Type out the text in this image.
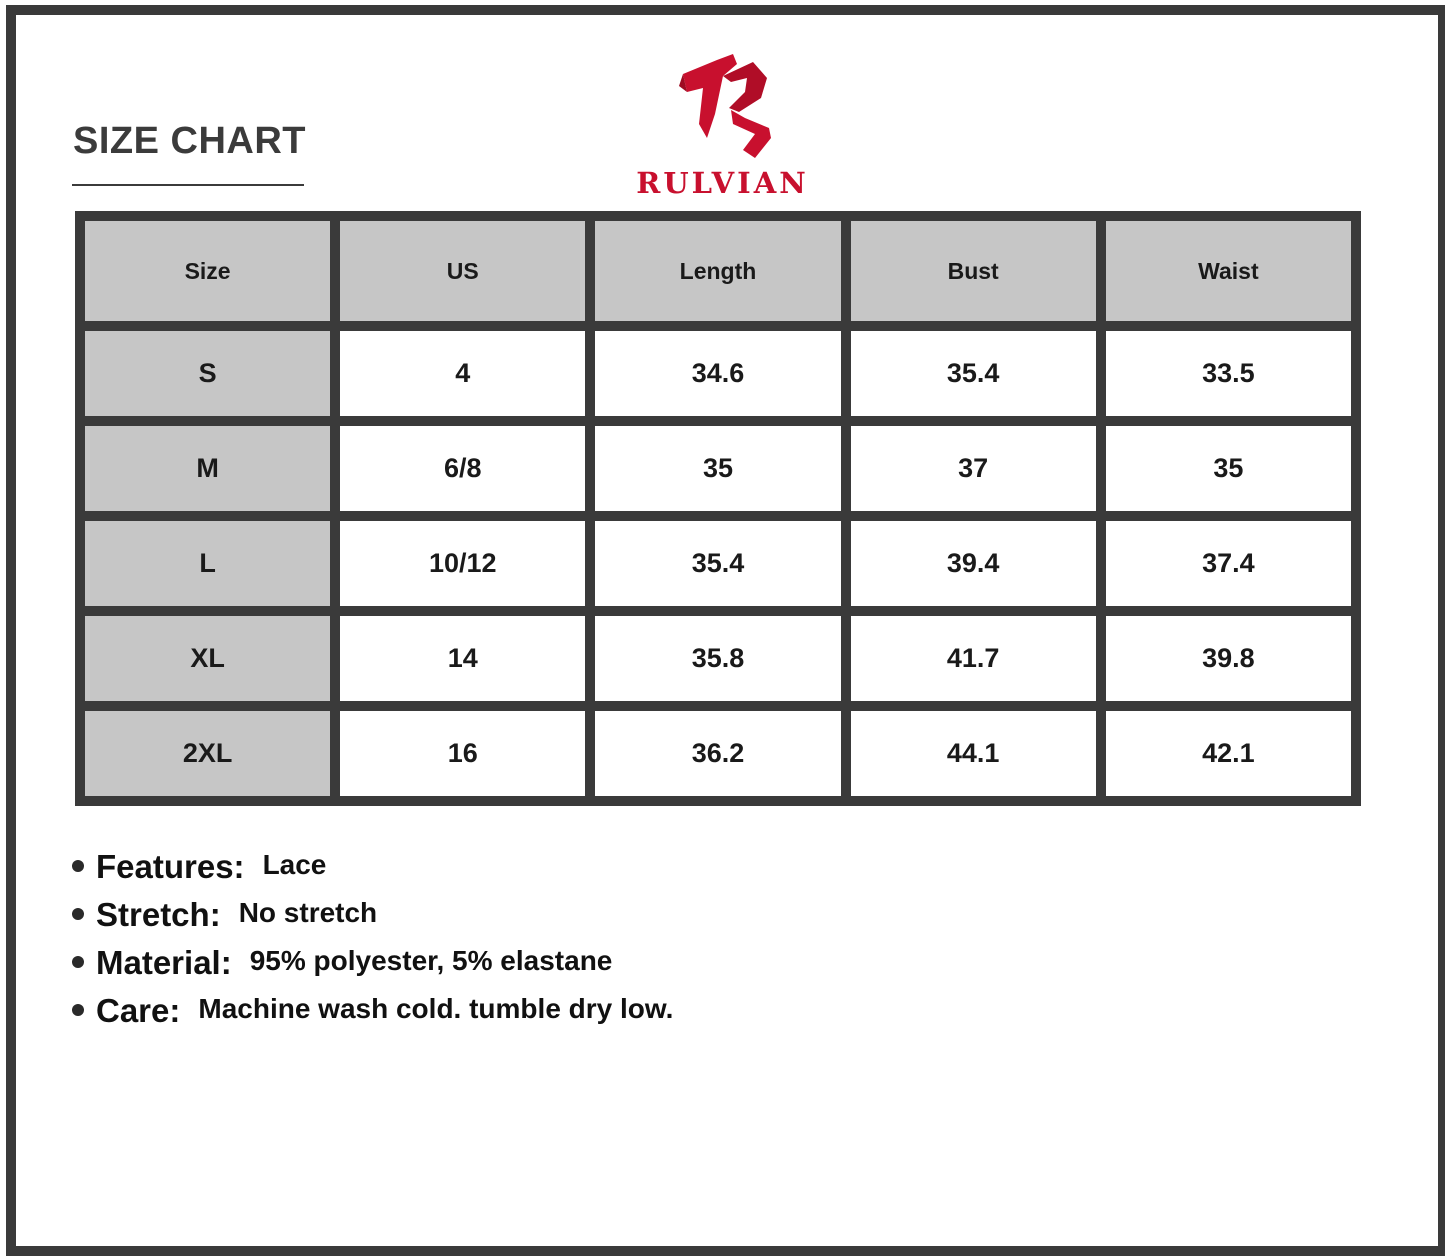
SIZE CHART
RULVIAN
Size	US	Length	Bust	Waist
S	4	34.6	35.4	33.5
M	6/8	35	37	35
L	10/12	35.4	39.4	37.4
XL	14	35.8	41.7	39.8
2XL	16	36.2	44.1	42.1
Features: Lace
Stretch: No stretch
Material: 95% polyester, 5% elastane
Care: Machine wash cold. tumble dry low.
